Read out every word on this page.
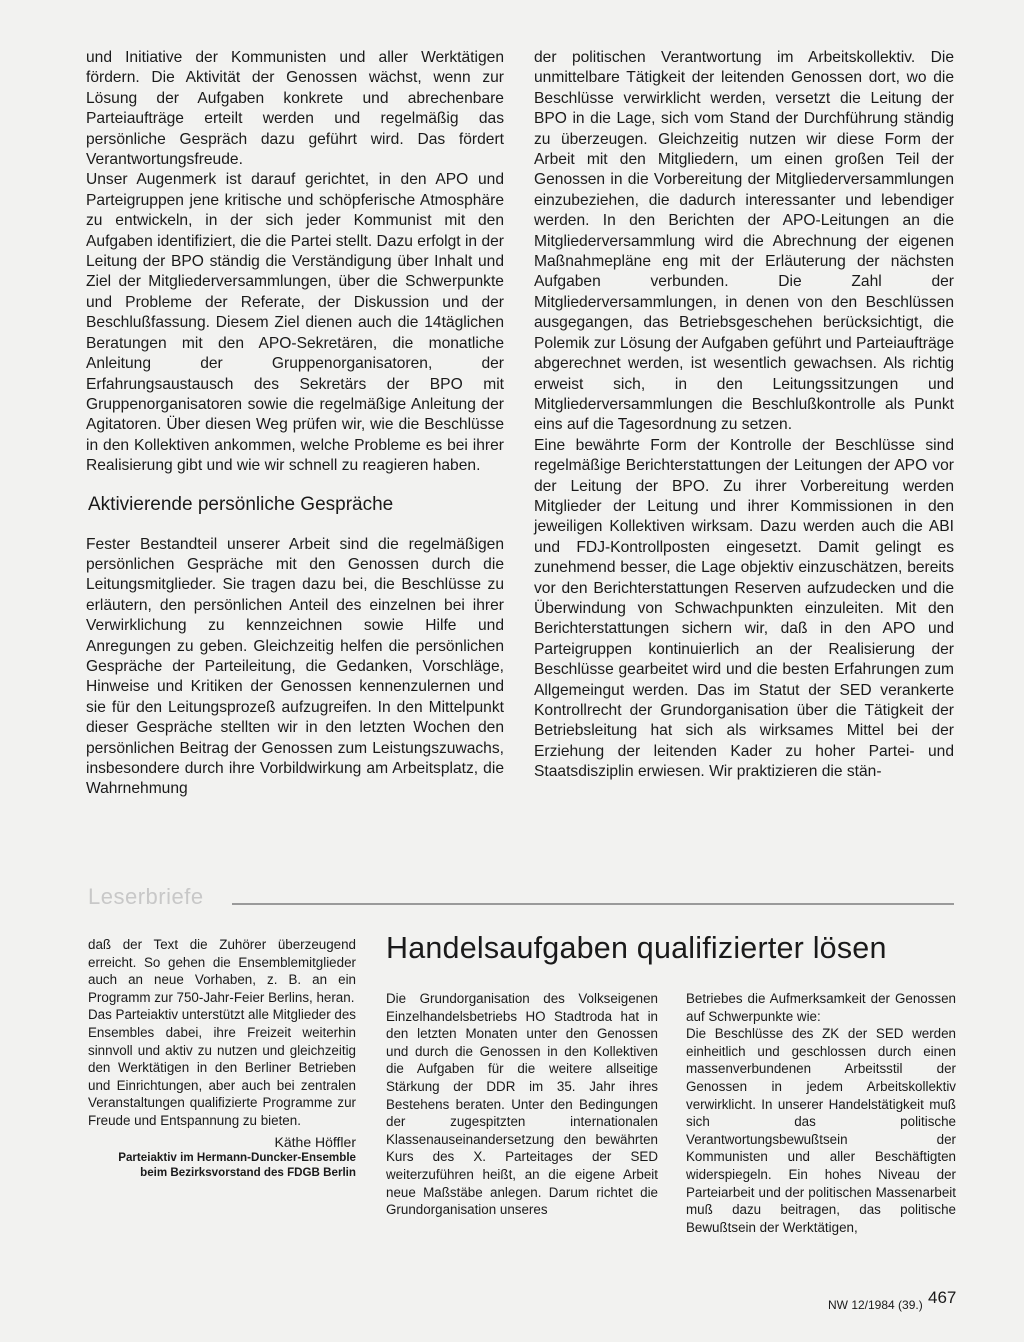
und Initiative der Kommunisten und aller Werktätigen fördern. Die Aktivität der Genossen wächst, wenn zur Lösung der Aufgaben konkrete und abrechenbare Parteiaufträge erteilt werden und regelmäßig das persönliche Gespräch dazu geführt wird. Das fördert Verantwortungsfreude.

Unser Augenmerk ist darauf gerichtet, in den APO und Parteigruppen jene kritische und schöpferische Atmosphäre zu entwickeln, in der sich jeder Kommunist mit den Aufgaben identifiziert, die die Partei stellt. Dazu erfolgt in der Leitung der BPO ständig die Verständigung über Inhalt und Ziel der Mitgliederversammlungen, über die Schwerpunkte und Probleme der Referate, der Diskussion und der Beschlußfassung. Diesem Ziel dienen auch die 14täglichen Beratungen mit den APO-Sekretären, die monatliche Anleitung der Gruppenorganisatoren, der Erfahrungsaustausch des Sekretärs der BPO mit Gruppenorganisatoren sowie die regelmäßige Anleitung der Agitatoren. Über diesen Weg prüfen wir, wie die Beschlüsse in den Kollektiven ankommen, welche Probleme es bei ihrer Realisierung gibt und wie wir schnell zu reagieren haben.

Aktivierende persönliche Gespräche

Fester Bestandteil unserer Arbeit sind die regelmäßigen persönlichen Gespräche mit den Genossen durch die Leitungsmitglieder. Sie tragen dazu bei, die Beschlüsse zu erläutern, den persönlichen Anteil des einzelnen bei ihrer Verwirklichung zu kennzeichnen sowie Hilfe und Anregungen zu geben. Gleichzeitig helfen die persönlichen Gespräche der Parteileitung, die Gedanken, Vorschläge, Hinweise und Kritiken der Genossen kennenzulernen und sie für den Leitungsprozeß aufzugreifen. In den Mittelpunkt dieser Gespräche stellten wir in den letzten Wochen den persönlichen Beitrag der Genossen zum Leistungszuwachs, insbesondere durch ihre Vorbildwirkung am Arbeitsplatz, die Wahrnehmung

der politischen Verantwortung im Arbeitskollektiv. Die unmittelbare Tätigkeit der leitenden Genossen dort, wo die Beschlüsse verwirklicht werden, versetzt die Leitung der BPO in die Lage, sich vom Stand der Durchführung ständig zu überzeugen. Gleichzeitig nutzen wir diese Form der Arbeit mit den Mitgliedern, um einen großen Teil der Genossen in die Vorbereitung der Mitgliederversammlungen einzubeziehen, die dadurch interessanter und lebendiger werden. In den Berichten der APO-Leitungen an die Mitgliederversammlung wird die Abrechnung der eigenen Maßnahmepläne eng mit der Erläuterung der nächsten Aufgaben verbunden. Die Zahl der Mitgliederversammlungen, in denen von den Beschlüssen ausgegangen, das Betriebsgeschehen berücksichtigt, die Polemik zur Lösung der Aufgaben geführt und Parteiaufträge abgerechnet werden, ist wesentlich gewachsen. Als richtig erweist sich, in den Leitungssitzungen und Mitgliederversammlungen die Beschlußkontrolle als Punkt eins auf die Tagesordnung zu setzen.

Eine bewährte Form der Kontrolle der Beschlüsse sind regelmäßige Berichterstattungen der Leitungen der APO vor der Leitung der BPO. Zu ihrer Vorbereitung werden Mitglieder der Leitung und ihrer Kommissionen in den jeweiligen Kollektiven wirksam. Dazu werden auch die ABI und FDJ-Kontrollposten eingesetzt. Damit gelingt es zunehmend besser, die Lage objektiv einzuschätzen, bereits vor den Berichterstattungen Reserven aufzudecken und die Überwindung von Schwachpunkten einzuleiten. Mit den Berichterstattungen sichern wir, daß in den APO und Parteigruppen kontinuierlich an der Realisierung der Beschlüsse gearbeitet wird und die besten Erfahrungen zum Allgemeingut werden. Das im Statut der SED verankerte Kontrollrecht der Grundorganisation über die Tätigkeit der Betriebsleitung hat sich als wirksames Mittel bei der Erziehung der leitenden Kader zu hoher Partei- und Staatsdisziplin erwiesen. Wir praktizieren die stän-

Leserbriefe

daß der Text die Zuhörer überzeugend erreicht. So gehen die Ensemblemitglieder auch an neue Vorhaben, z. B. an ein Programm zur 750-Jahr-Feier Berlins, heran.

Das Parteiaktiv unterstützt alle Mitglieder des Ensembles dabei, ihre Freizeit weiterhin sinnvoll und aktiv zu nutzen und gleichzeitig den Werktätigen in den Berliner Betrieben und Einrichtungen, aber auch bei zentralen Veranstaltungen qualifizierte Programme zur Freude und Entspannung zu bieten.

Käthe Höffler

Parteiaktiv im Hermann-Duncker-Ensemble

beim Bezirksvorstand des FDGB Berlin

Handelsaufgaben qualifizierter lösen

Die Grundorganisation des Volkseigenen Einzelhandelsbetriebs HO Stadtroda hat in den letzten Monaten unter den Genossen und durch die Genossen in den Kollektiven die Aufgaben für die weitere allseitige Stärkung der DDR im 35. Jahr ihres Bestehens beraten. Unter den Bedingungen der zugespitzten internationalen Klassenauseinandersetzung den bewährten Kurs des X. Parteitages der SED weiterzuführen heißt, an die eigene Arbeit neue Maßstäbe anlegen. Darum richtet die Grundorganisation unseres

Betriebes die Aufmerksamkeit der Genossen auf Schwerpunkte wie:

Die Beschlüsse des ZK der SED werden einheitlich und geschlossen durch einen massenverbundenen Arbeitsstil der Genossen in jedem Arbeitskollektiv verwirklicht. In unserer Handelstätigkeit muß sich das politische Verantwortungsbewußtsein der Kommunisten und aller Beschäftigten widerspiegeln. Ein hohes Niveau der Parteiarbeit und der politischen Massenarbeit muß dazu beitragen, das politische Bewußtsein der Werktätigen,

NW 12/1984 (39.) 467
